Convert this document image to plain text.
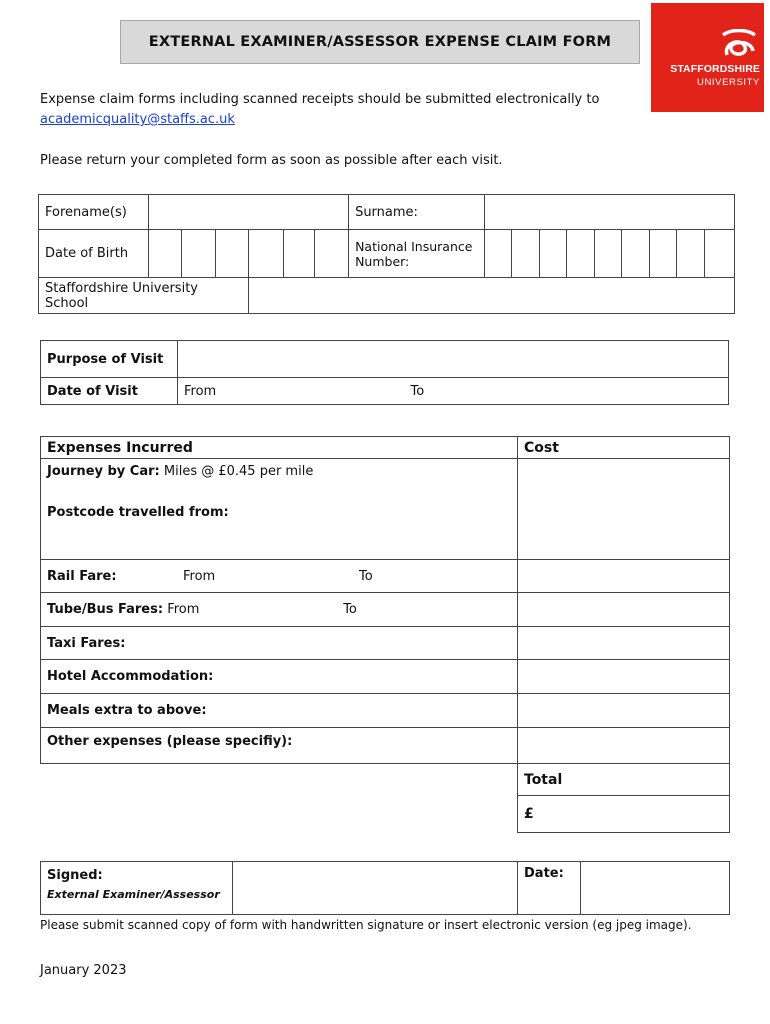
EXTERNAL EXAMINER/ASSESSOR EXPENSE CLAIM FORM
STAFFORDSHIRE
UNIVERSITY
Expense claim forms including scanned receipts should be submitted electronically to
academicquality@staffs.ac.uk
Please return your completed form as soon as possible after each visit.
Forename(s)							Surname:									
Date of Birth							National Insurance Number:									
Staffordshire University School																
Purpose of Visit		
Date of Visit	From	To
Expenses Incurred	Cost

Journey by Car: Miles @ £0.45 per mile
Postcode travelled from:	

Rail Fare: From To	
Tube/Bus Fares: From To	
Taxi Fares:	
Hotel Accommodation:	
Meals extra to above:	
Other expenses (please specifiy):	
	Total
	£
Signed:
External Examiner/Assessor
		Date:	
Please submit scanned copy of form with handwritten signature or insert electronic version (eg jpeg image).
January 2023
